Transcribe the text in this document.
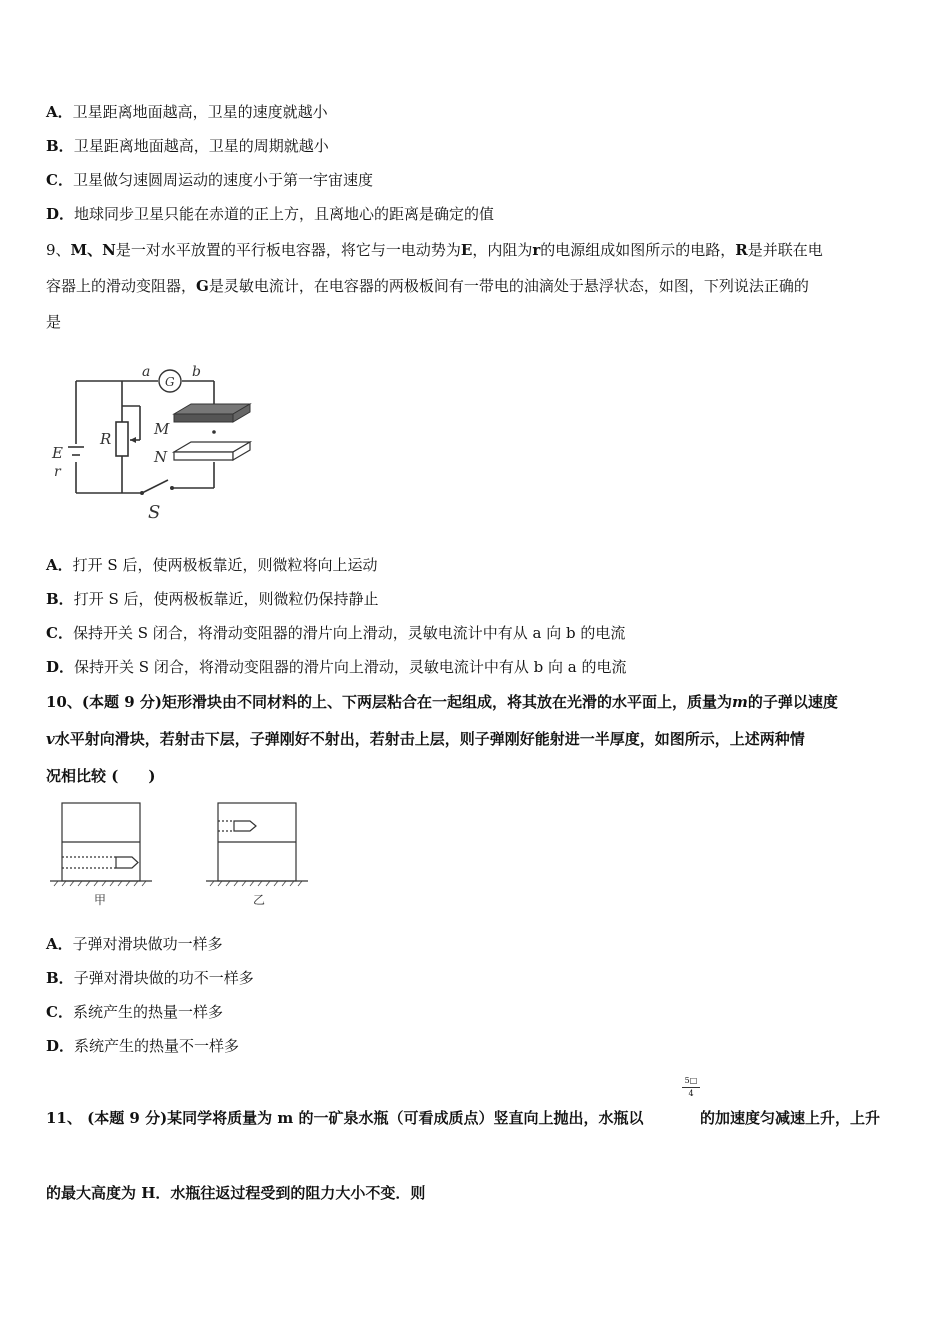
A．卫星距离地面越高，卫星的速度就越小
B．卫星距离地面越高，卫星的周期就越小
C．卫星做匀速圆周运动的速度小于第一宇宙速度
D．地球同步卫星只能在赤道的正上方，且离地心的距离是确定的值
9、M、N是一对水平放置的平行板电容器，将它与一电动势为E，内阻为r的电源组成如图所示的电路，R是并联在电
容器上的滑动变阻器，G是灵敏电流计，在电容器的两极板间有一带电的油滴处于悬浮状态，如图，下列说法正确的
是
a	b
G
R
M
N
E
r
S
A．打开 S 后，使两极板靠近，则微粒将向上运动
B．打开 S 后，使两极板靠近，则微粒仍保持静止
C．保持开关 S 闭合，将滑动变阻器的滑片向上滑动，灵敏电流计中有从 a 向 b 的电流
D．保持开关 S 闭合，将滑动变阻器的滑片向上滑动，灵敏电流计中有从 b 向 a 的电流
10、(本题 9 分)矩形滑块由不同材料的上、下两层粘合在一起组成，将其放在光滑的水平面上，质量为m的子弹以速度
v水平射向滑块，若射击下层，子弹刚好不射出，若射击上层，则子弹刚好能射进一半厚度，如图所示，上述两种情
况相比较 (　　)
甲	乙
A．子弹对滑块做功一样多
B．子弹对滑块做的功不一样多
C．系统产生的热量一样多
D．系统产生的热量不一样多
11、 (本题 9 分)某同学将质量为 m 的一矿泉水瓶（可看成质点）竖直向上抛出，水瓶以
5□
4
的加速度匀减速上升，上升
的最大高度为 H．水瓶往返过程受到的阻力大小不变．则
